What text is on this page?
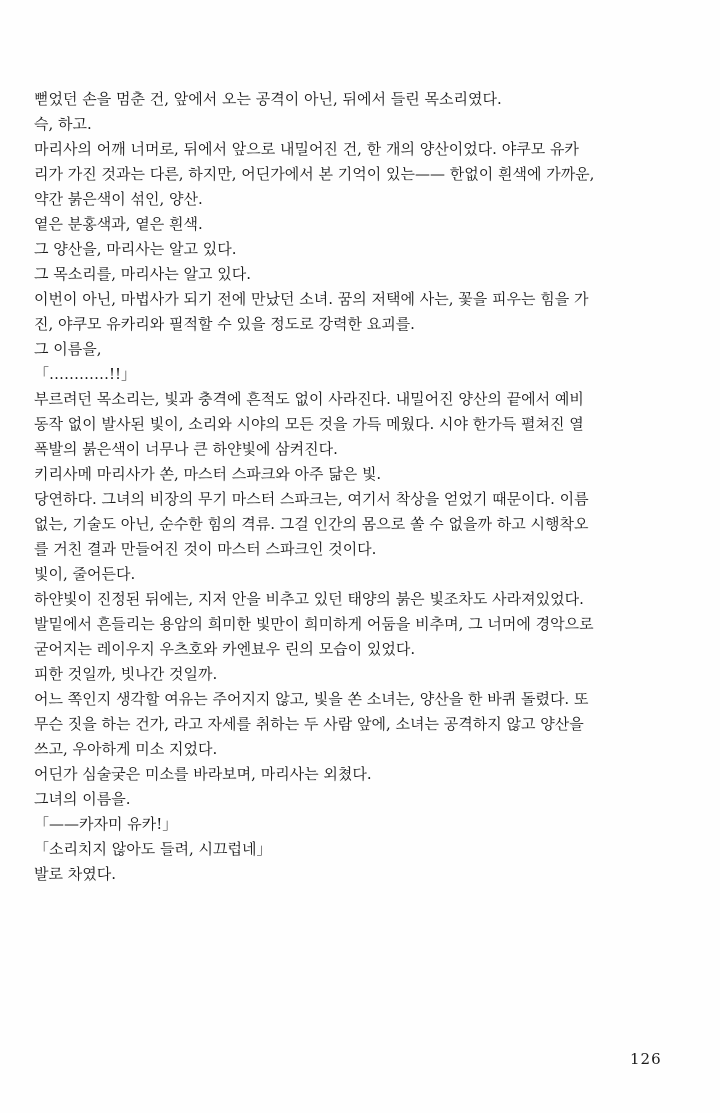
뻗었던 손을 멈춘 건, 앞에서 오는 공격이 아닌, 뒤에서 들린 목소리였다.
슥, 하고.
마리사의 어깨 너머로, 뒤에서 앞으로 내밀어진 건, 한 개의 양산이었다. 야쿠모 유카
리가 가진 것과는 다른, 하지만, 어딘가에서 본 기억이 있는—— 한없이 흰색에 가까운,
약간 붉은색이 섞인, 양산.
옅은 분홍색과, 옅은 흰색.
그 양산을, 마리사는 알고 있다.
그 목소리를, 마리사는 알고 있다.
이번이 아닌, 마법사가 되기 전에 만났던 소녀. 꿈의 저택에 사는, 꽃을 피우는 힘을 가
진, 야쿠모 유카리와 필적할 수 있을 정도로 강력한 요괴를.
그 이름을,
「…………!!」
부르려던 목소리는, 빛과 충격에 흔적도 없이 사라진다. 내밀어진 양산의 끝에서 예비
동작 없이 발사된 빛이, 소리와 시야의 모든 것을 가득 메웠다. 시야 한가득 펼쳐진 열
폭발의 붉은색이 너무나 큰 하얀빛에 삼켜진다.
키리사메 마리사가 쏜, 마스터 스파크와 아주 닮은 빛.
당연하다. 그녀의 비장의 무기 마스터 스파크는, 여기서 착상을 얻었기 때문이다. 이름
없는, 기술도 아닌, 순수한 힘의 격류. 그걸 인간의 몸으로 쏠 수 없을까 하고 시행착오
를 거친 결과 만들어진 것이 마스터 스파크인 것이다.
빛이, 줄어든다.
하얀빛이 진정된 뒤에는, 지저 안을 비추고 있던 태양의 붉은 빛조차도 사라져있었다.
발밑에서 흔들리는 용암의 희미한 빛만이 희미하게 어둠을 비추며, 그 너머에 경악으로
굳어지는 레이우지 우츠호와 카엔뵤우 린의 모습이 있었다.
피한 것일까, 빗나간 것일까.
어느 쪽인지 생각할 여유는 주어지지 않고, 빛을 쏜 소녀는, 양산을 한 바퀴 돌렸다. 또
무슨 짓을 하는 건가, 라고 자세를 취하는 두 사람 앞에, 소녀는 공격하지 않고 양산을
쓰고, 우아하게 미소 지었다.
어딘가 심술궂은 미소를 바라보며, 마리사는 외쳤다.
그녀의 이름을.
「——카자미 유카!」
「소리치지 않아도 들려, 시끄럽네」
발로 차였다.
126
